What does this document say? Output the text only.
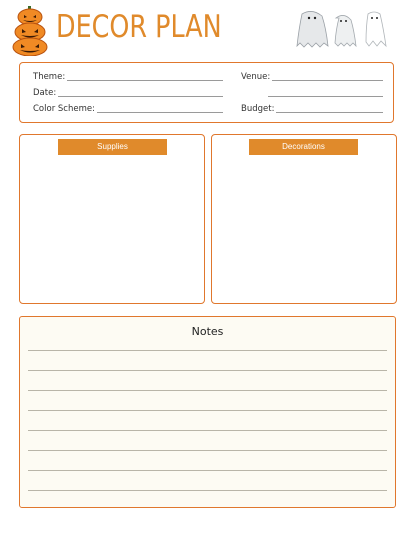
DECOR PLAN
Theme:
Date:
Color Scheme:
Venue:
Budget:
Supplies	Decorations
Notes
